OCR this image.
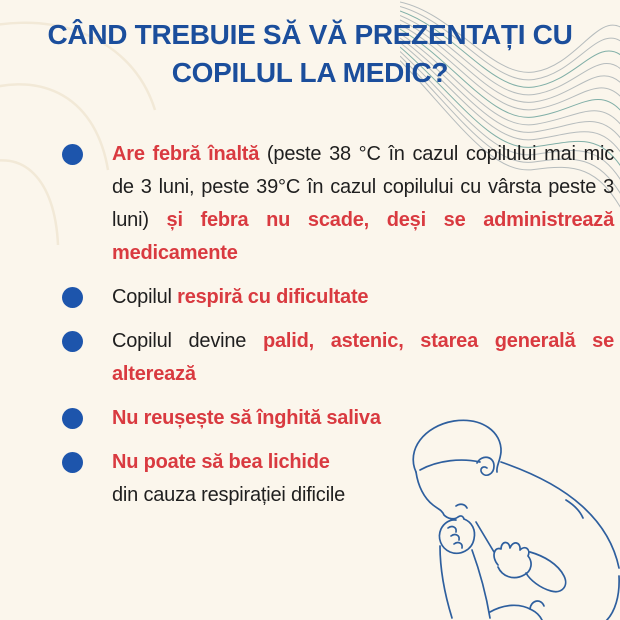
CÂND TREBUIE SĂ VĂ PREZENTAȚI CU
COPILUL LA MEDIC?

Are febră înaltă (peste 38 °C în cazul copilului mai mic de 3 luni, peste 39°C în cazul copilului cu vârsta peste 3 luni) și febra nu scade, deși se administrează medicamente

Copilul respiră cu dificultate

Copilul devine palid, astenic, starea generală se alterează

Nu reușește să înghită saliva

Nu poate să bea lichide
din cauza respirației dificile
